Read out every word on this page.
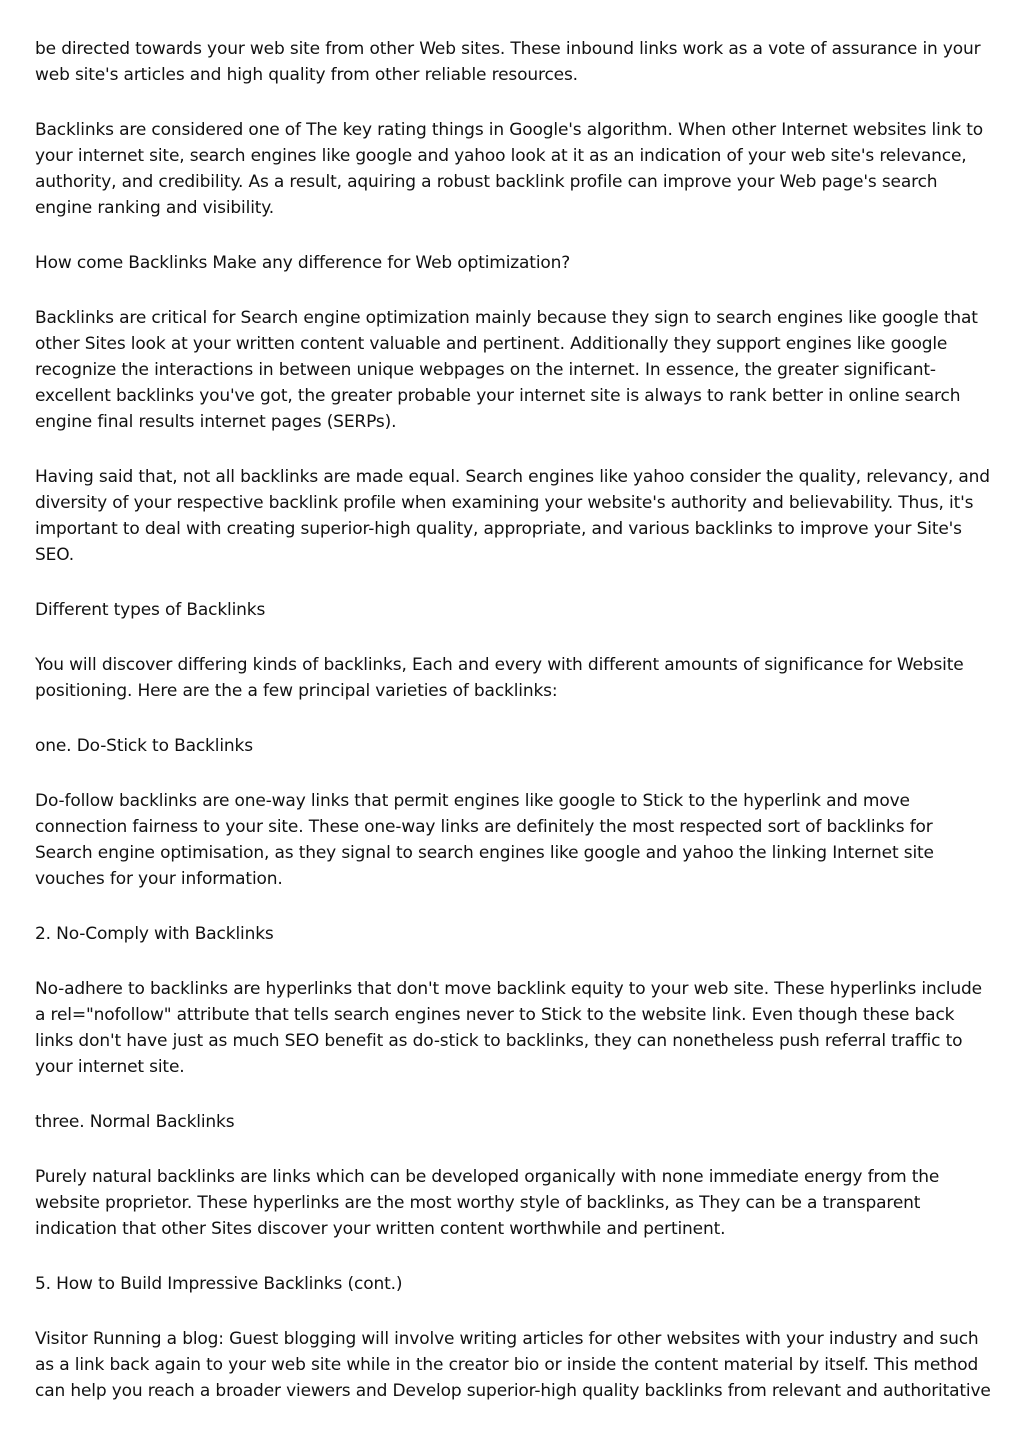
be directed towards your web site from other Web sites. These inbound links work as a vote of assurance in your web site's articles and high quality from other reliable resources.

Backlinks are considered one of The key rating things in Google's algorithm. When other Internet websites link to your internet site, search engines like google and yahoo look at it as an indication of your web site's relevance, authority, and credibility. As a result, aquiring a robust backlink profile can improve your Web page's search engine ranking and visibility.

How come Backlinks Make any difference for Web optimization?

Backlinks are critical for Search engine optimization mainly because they sign to search engines like google that other Sites look at your written content valuable and pertinent. Additionally they support engines like google recognize the interactions in between unique webpages on the internet. In essence, the greater significant-excellent backlinks you've got, the greater probable your internet site is always to rank better in online search engine final results internet pages (SERPs).

Having said that, not all backlinks are made equal. Search engines like yahoo consider the quality, relevancy, and diversity of your respective backlink profile when examining your website's authority and believability. Thus, it's important to deal with creating superior-high quality, appropriate, and various backlinks to improve your Site's SEO.

Different types of Backlinks

You will discover differing kinds of backlinks, Each and every with different amounts of significance for Website positioning. Here are the a few principal varieties of backlinks:

one. Do-Stick to Backlinks

Do-follow backlinks are one-way links that permit engines like google to Stick to the hyperlink and move connection fairness to your site. These one-way links are definitely the most respected sort of backlinks for Search engine optimisation, as they signal to search engines like google and yahoo the linking Internet site vouches for your information.

2. No-Comply with Backlinks

No-adhere to backlinks are hyperlinks that don't move backlink equity to your web site. These hyperlinks include a rel="nofollow" attribute that tells search engines never to Stick to the website link. Even though these back links don't have just as much SEO benefit as do-stick to backlinks, they can nonetheless push referral traffic to your internet site.

three. Normal Backlinks

Purely natural backlinks are links which can be developed organically with none immediate energy from the website proprietor. These hyperlinks are the most worthy style of backlinks, as They can be a transparent indication that other Sites discover your written content worthwhile and pertinent.

5. How to Build Impressive Backlinks (cont.)

Visitor Running a blog: Guest blogging will involve writing articles for other websites with your industry and such as a link back again to your web site while in the creator bio or inside the content material by itself. This method can help you reach a broader viewers and Develop superior-high quality backlinks from relevant and authoritative
